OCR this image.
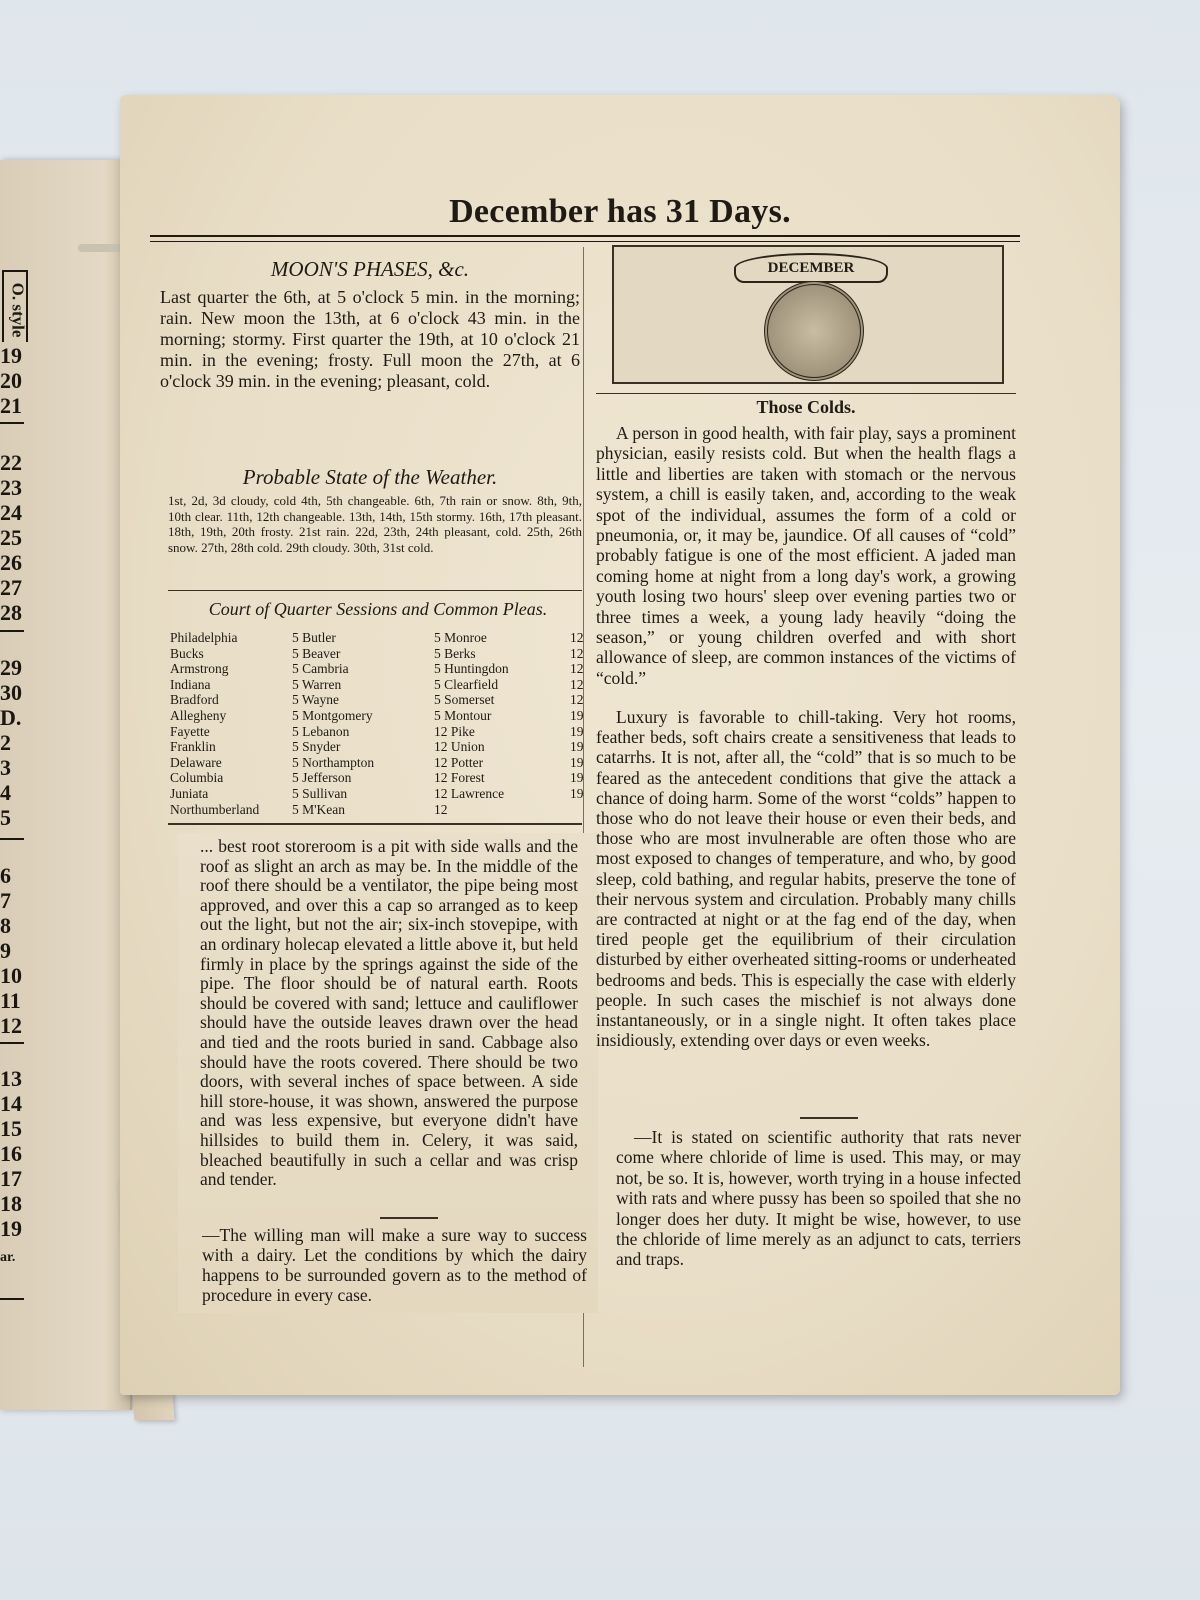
O. style
19
20
21
22
23
24
25
26
27
28
29
30
D.
2
3
4
5
6
7
8
9
10
11
12
13
14
15
16
17
18
19
ar.
December has 31 Days.
MOON'S PHASES, &c.

Last quarter the 6th, at 5 o'clock 5 min. in the morning; rain. New moon the 13th, at 6 o'clock 43 min. in the morning; stormy. First quarter the 19th, at 10 o'clock 21 min. in the evening; frosty. Full moon the 27th, at 6 o'clock 39 min. in the evening; pleasant, cold.

Probable State of the Weather.

1st, 2d, 3d cloudy, cold 4th, 5th changeable. 6th, 7th rain or snow. 8th, 9th, 10th clear. 11th, 12th changeable. 13th, 14th, 15th stormy. 16th, 17th pleasant. 18th, 19th, 20th frosty. 21st rain. 22d, 23th, 24th pleasant, cold. 25th, 26th snow. 27th, 28th cold. 29th cloudy. 30th, 31st cold.

Court of Quarter Sessions and Common Pleas.
Philadelphia
Bucks
Armstrong
Indiana
Bradford
Allegheny
Fayette
Franklin
Delaware
Columbia
Juniata
Northumberland
5 Butler
5 Beaver
5 Cambria
5 Warren
5 Wayne
5 Montgomery
5 Lebanon
5 Snyder
5 Northampton
5 Jefferson
5 Sullivan
5 M'Kean
5 Monroe
5 Berks
5 Huntingdon
5 Clearfield
5 Somerset
5 Montour
12 Pike
12 Union
12 Potter
12 Forest
12 Lawrence
12
12
12
12
12
12
19
19
19
19
19
19

... best root storeroom is a pit with side walls and the roof as slight an arch as may be. In the middle of the roof there should be a ventilator, the pipe being most approved, and over this a cap so arranged as to keep out the light, but not the air; six-inch stovepipe, with an ordinary holecap elevated a little above it, but held firmly in place by the springs against the side of the pipe. The floor should be of natural earth. Roots should be covered with sand; lettuce and cauliflower should have the outside leaves drawn over the head and tied and the roots buried in sand. Cabbage also should have the roots covered. There should be two doors, with several inches of space between. A side hill store-house, it was shown, answered the purpose and was less expensive, but everyone didn't have hillsides to build them in. Celery, it was said, bleached beautifully in such a cellar and was crisp and tender.

—The willing man will make a sure way to success with a dairy. Let the conditions by which the dairy happens to be surrounded govern as to the method of procedure in every case.

DECEMBER
Those Colds.

A person in good health, with fair play, says a prominent physician, easily resists cold. But when the health flags a little and liberties are taken with stomach or the nervous system, a chill is easily taken, and, according to the weak spot of the individual, assumes the form of a cold or pneumonia, or, it may be, jaundice. Of all causes of “cold” probably fatigue is one of the most efficient. A jaded man coming home at night from a long day's work, a growing youth losing two hours' sleep over evening parties two or three times a week, a young lady heavily “doing the season,” or young children overfed and with short allowance of sleep, are common instances of the victims of “cold.”

Luxury is favorable to chill-taking. Very hot rooms, feather beds, soft chairs create a sensitiveness that leads to catarrhs. It is not, after all, the “cold” that is so much to be feared as the antecedent conditions that give the attack a chance of doing harm. Some of the worst “colds” happen to those who do not leave their house or even their beds, and those who are most invulnerable are often those who are most exposed to changes of temperature, and who, by good sleep, cold bathing, and regular habits, preserve the tone of their nervous system and circulation. Probably many chills are contracted at night or at the fag end of the day, when tired people get the equilibrium of their circulation disturbed by either overheated sitting-rooms or underheated bedrooms and beds. This is especially the case with elderly people. In such cases the mischief is not always done instantaneously, or in a single night. It often takes place insidiously, extending over days or even weeks.

—It is stated on scientific authority that rats never come where chloride of lime is used. This may, or may not, be so. It is, however, worth trying in a house infected with rats and where pussy has been so spoiled that she no longer does her duty. It might be wise, however, to use the chloride of lime merely as an adjunct to cats, terriers and traps.
